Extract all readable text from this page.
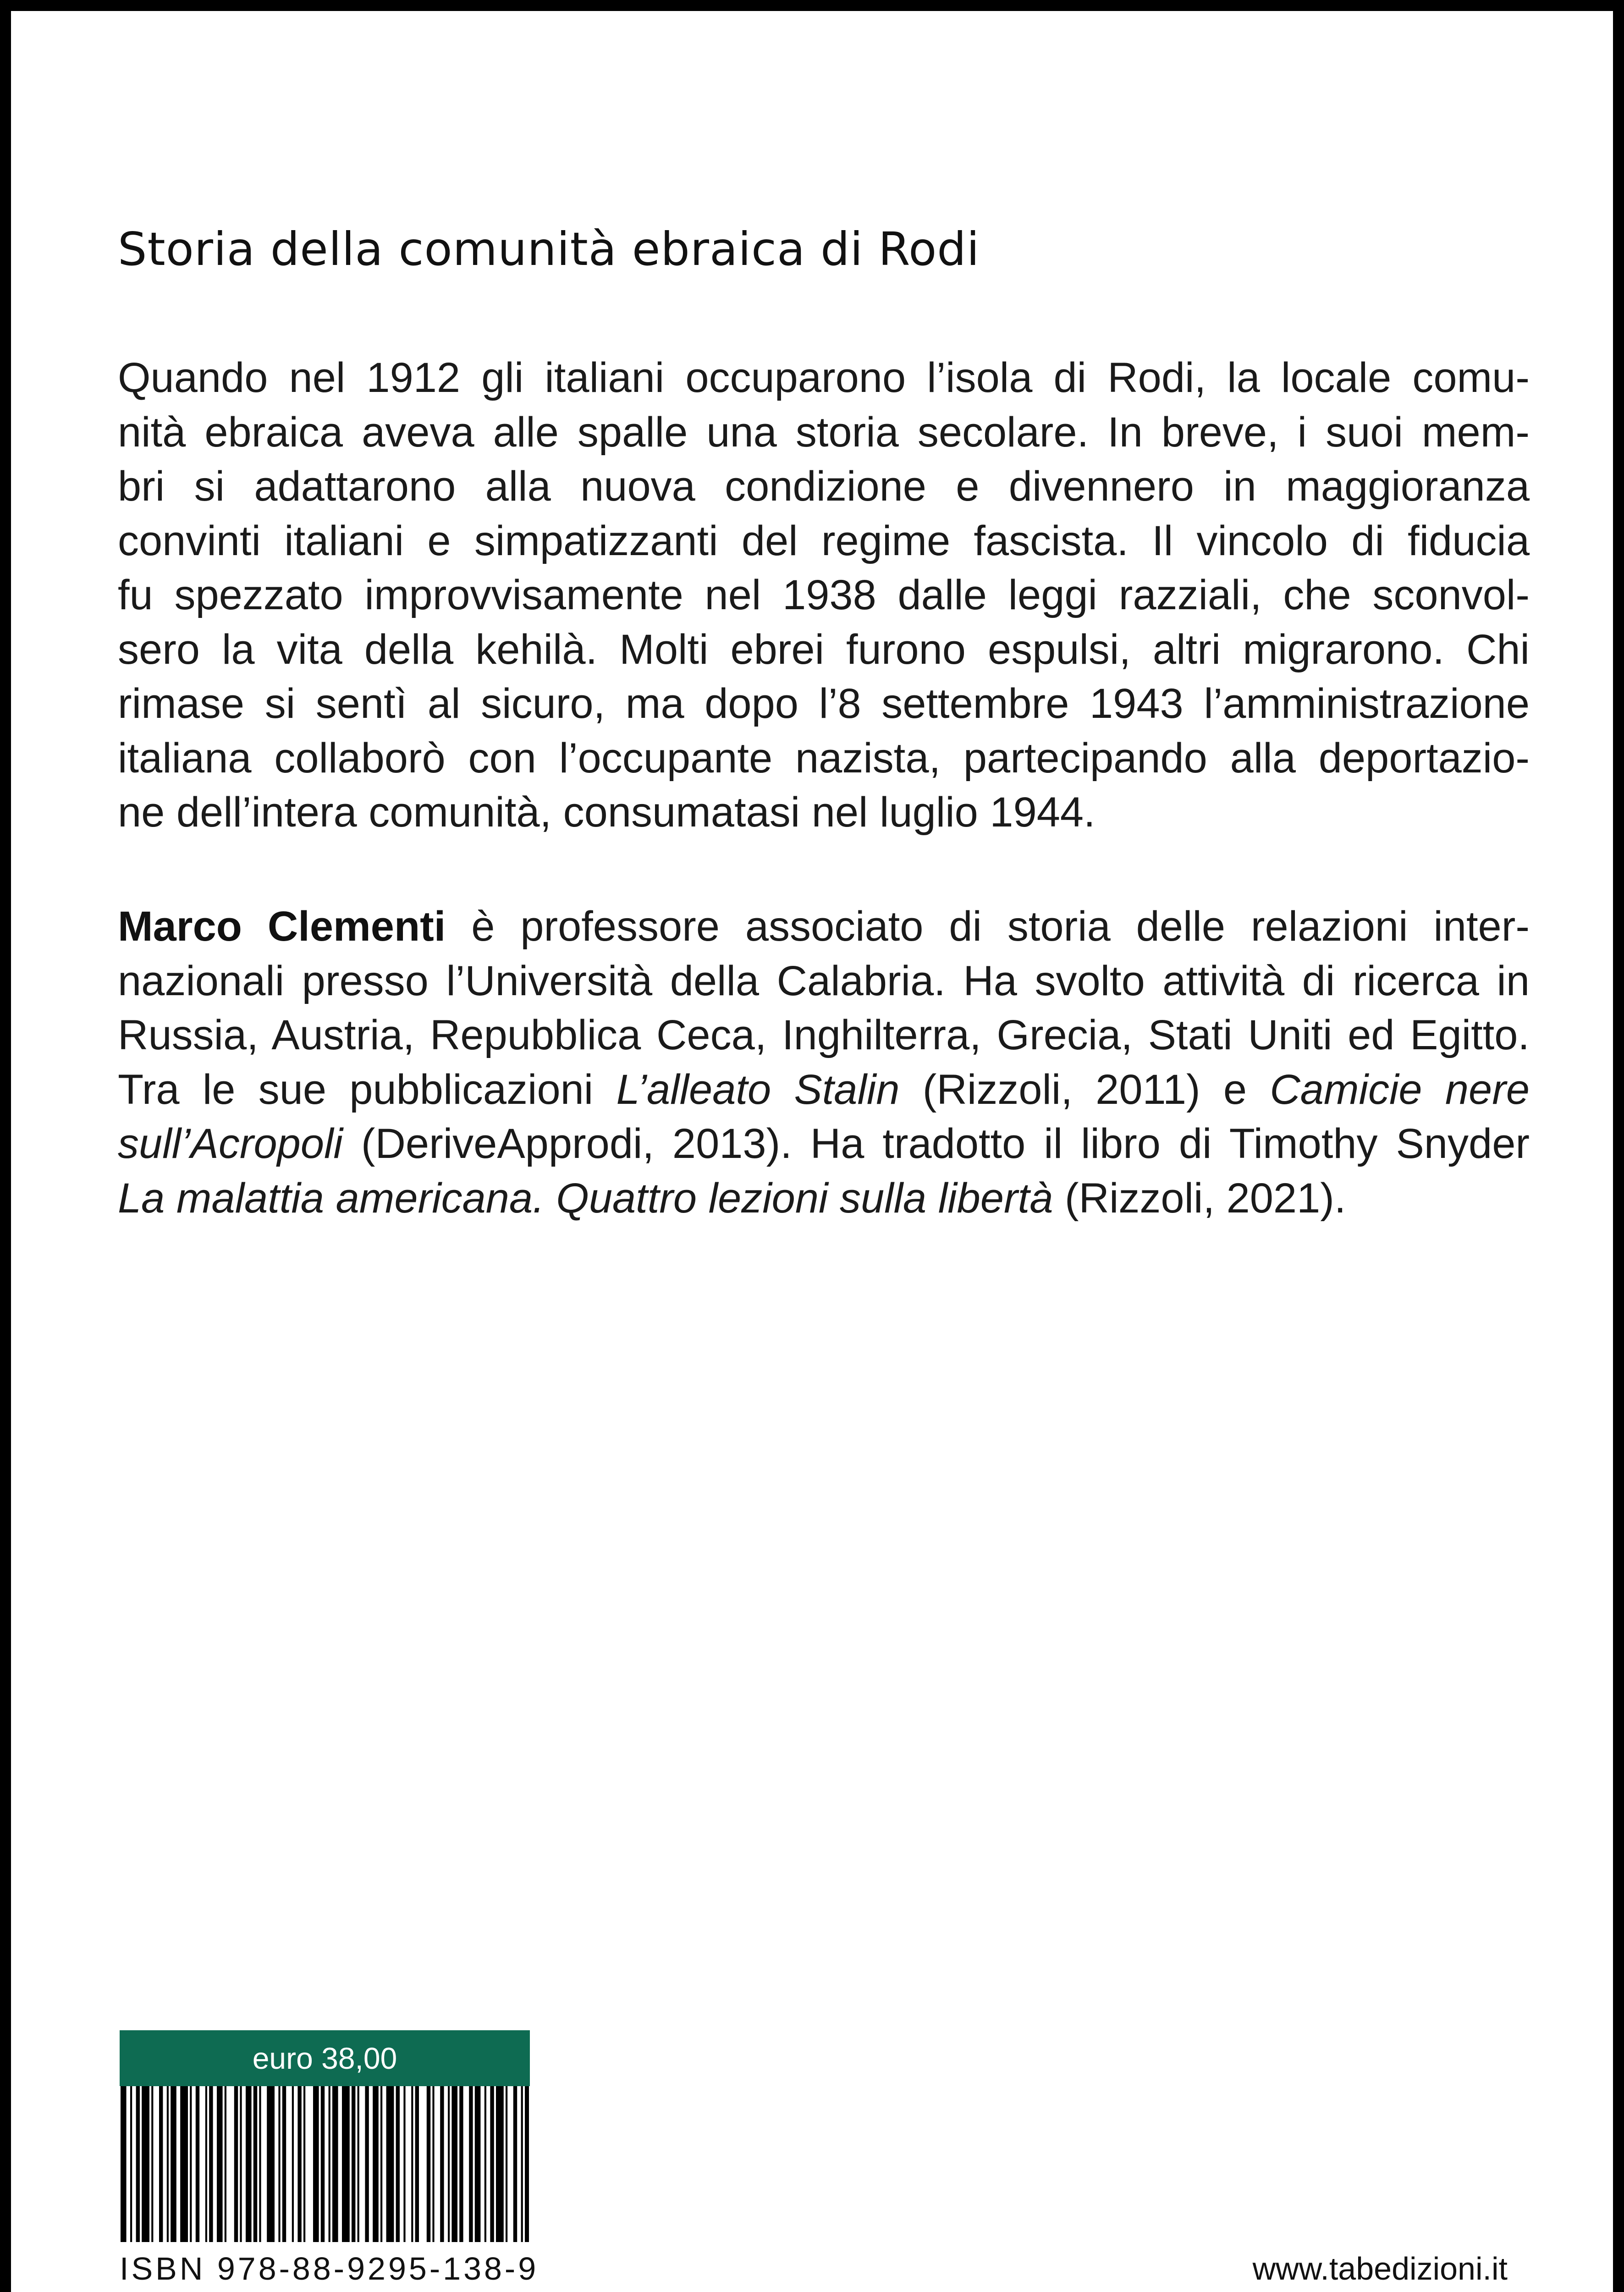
Storia della comunità ebraica di Rodi

Quando nel 1912 gli italiani occuparono l’isola di Rodi, la locale comu-
nità ebraica aveva alle spalle una storia secolare. In breve, i suoi mem-
bri si adattarono alla nuova condizione e divennero in maggioranza
convinti italiani e simpatizzanti del regime fascista. Il vincolo di fiducia
fu spezzato improvvisamente nel 1938 dalle leggi razziali, che sconvol-
sero la vita della kehilà. Molti ebrei furono espulsi, altri migrarono. Chi
rimase si sentì al sicuro, ma dopo l’8 settembre 1943 l’amministrazione
italiana collaborò con l’occupante nazista, partecipando alla deportazio-
ne dell’intera comunità, consumatasi nel luglio 1944.

Marco Clementi è professore associato di storia delle relazioni inter-
nazionali presso l’Università della Calabria. Ha svolto attività di ricerca in
Russia, Austria, Repubblica Ceca, Inghilterra, Grecia, Stati Uniti ed Egitto.
Tra le sue pubblicazioni L’alleato Stalin (Rizzoli, 2011) e Camicie nere
sull’Acropoli (DeriveApprodi, 2013). Ha tradotto il libro di Timothy Snyder
La malattia americana. Quattro lezioni sulla libertà (Rizzoli, 2021).

euro 38,00
ISBN 978-88-9295-138-9	www.tabedizioni.it
